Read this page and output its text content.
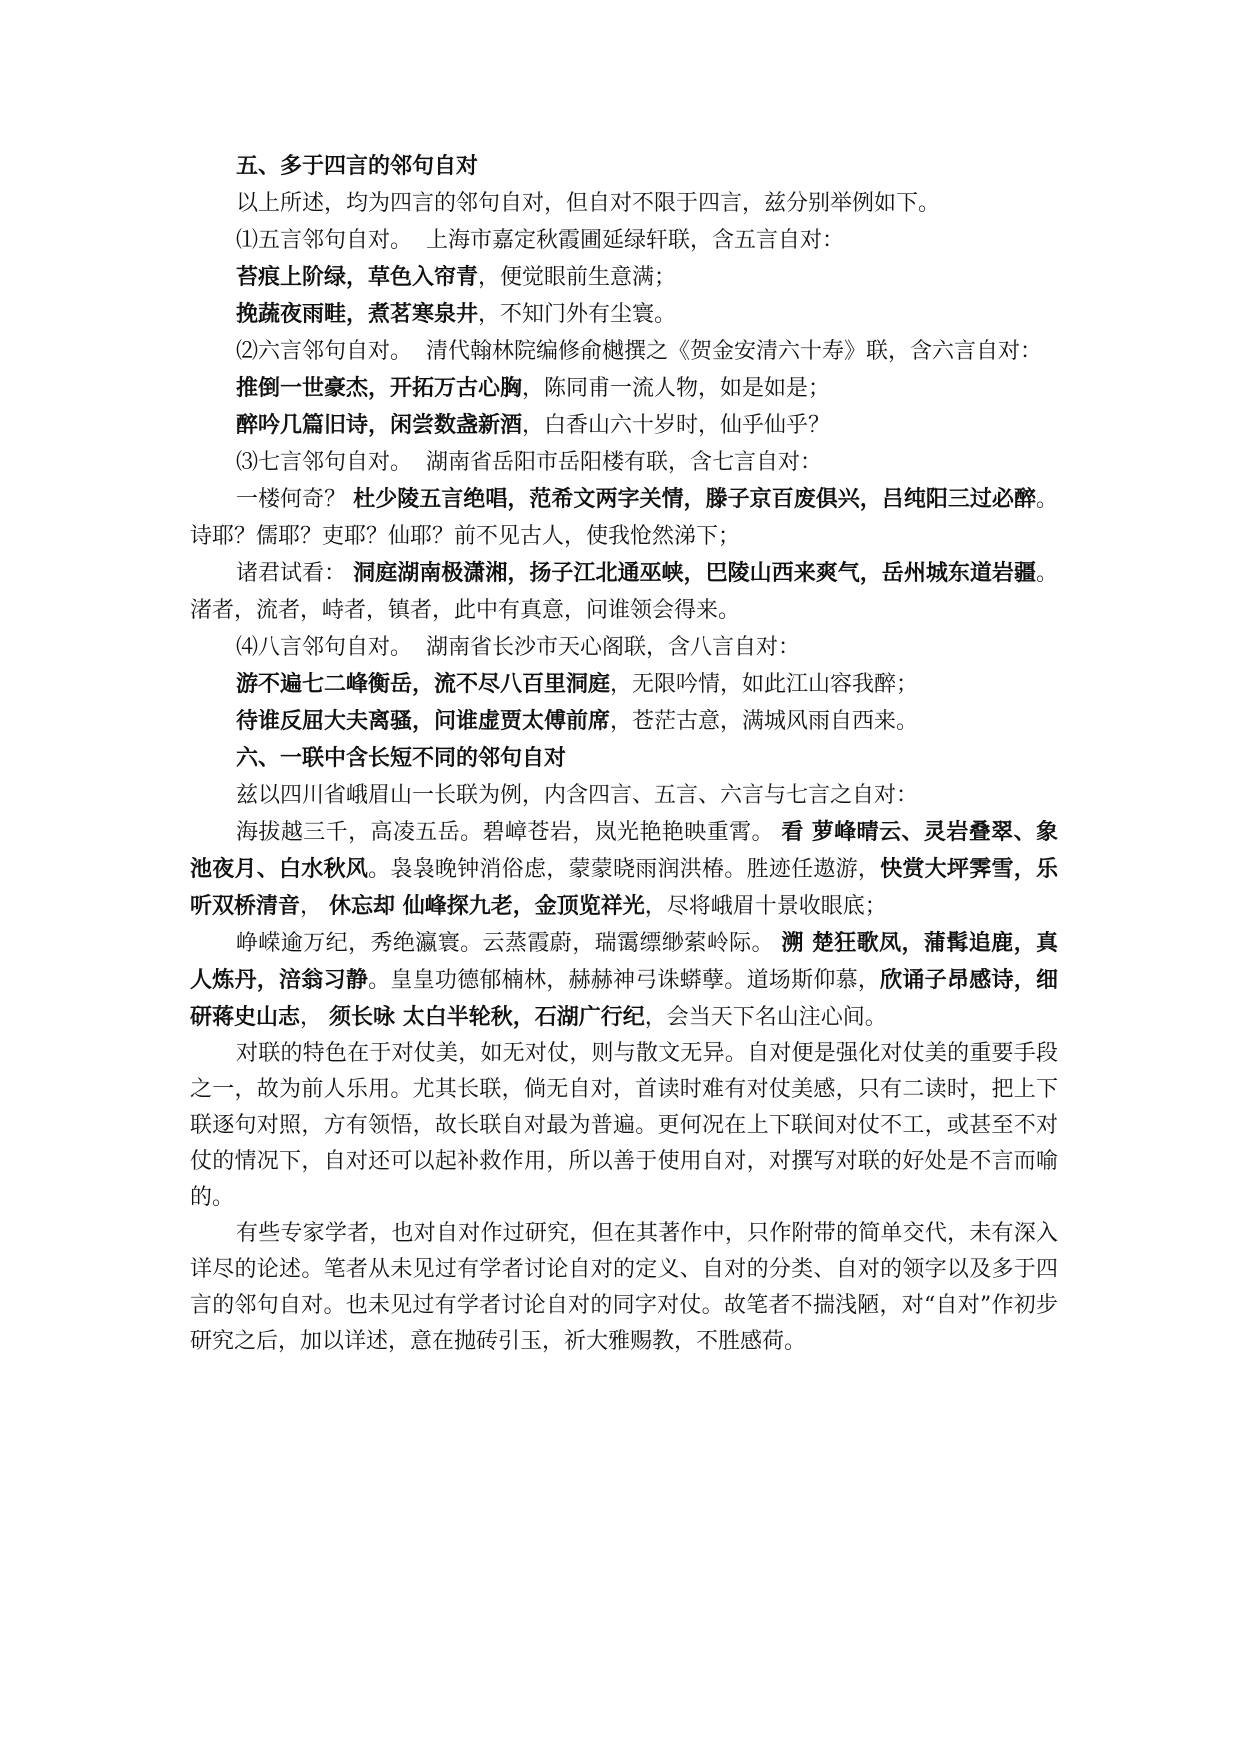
五、多于四言的邻句自对

以上所述，均为四言的邻句自对，但自对不限于四言，兹分别举例如下。

⑴五言邻句自对。 上海市嘉定秋霞圃延绿轩联，含五言自对：

苔痕上阶绿，草色入帘青，便觉眼前生意满；

挽蔬夜雨畦，煮茗寒泉井，不知门外有尘寰。

⑵六言邻句自对。 清代翰林院编修俞樾撰之《贺金安清六十寿》联，含六言自对：

推倒一世豪杰，开拓万古心胸，陈同甫一流人物，如是如是；

醉吟几篇旧诗，闲尝数盏新酒，白香山六十岁时，仙乎仙乎？

⑶七言邻句自对。 湖南省岳阳市岳阳楼有联，含七言自对：

一楼何奇？ 杜少陵五言绝唱，范希文两字关情，滕子京百废俱兴，吕纯阳三过必醉。诗耶？儒耶？吏耶？仙耶？前不见古人，使我怆然涕下；

诸君试看： 洞庭湖南极潇湘，扬子江北通巫峡，巴陵山西来爽气，岳州城东道岩疆。渚者，流者，峙者，镇者，此中有真意，问谁领会得来。

⑷八言邻句自对。 湖南省长沙市天心阁联，含八言自对：

游不遍七二峰衡岳，流不尽八百里洞庭，无限吟情，如此江山容我醉；

待谁反屈大夫离骚，问谁虚贾太傅前席，苍茫古意，满城风雨自西来。

六、一联中含长短不同的邻句自对

兹以四川省峨眉山一长联为例，内含四言、五言、六言与七言之自对：

海拔越三千，高凌五岳。碧嶂苍岩，岚光艳艳映重霄。 看 萝峰晴云、灵岩叠翠、象池夜月、白水秋风。袅袅晚钟消俗虑，蒙蒙晓雨润洪椿。胜迹任遨游，快赏大坪霁雪，乐听双桥清音， 休忘却 仙峰探九老，金顶览祥光，尽将峨眉十景收眼底；

峥嵘逾万纪，秀绝瀛寰。云蒸霞蔚，瑞霭缥缈萦岭际。 溯 楚狂歌凤，蒲髯追鹿，真人炼丹，涪翁习静。皇皇功德郁楠林，赫赫神弓诛蟒孽。道场斯仰慕，欣诵子昂感诗，细研蒋史山志， 须长咏 太白半轮秋，石湖广行纪，会当天下名山注心间。

对联的特色在于对仗美，如无对仗，则与散文无异。自对便是强化对仗美的重要手段之一，故为前人乐用。尤其长联，倘无自对，首读时难有对仗美感，只有二读时，把上下联逐句对照，方有领悟，故长联自对最为普遍。更何况在上下联间对仗不工，或甚至不对仗的情况下，自对还可以起补救作用，所以善于使用自对，对撰写对联的好处是不言而喻的。

有些专家学者，也对自对作过研究，但在其著作中，只作附带的简单交代，未有深入详尽的论述。笔者从未见过有学者讨论自对的定义、自对的分类、自对的领字以及多于四言的邻句自对。也未见过有学者讨论自对的同字对仗。故笔者不揣浅陋，对“自对”作初步研究之后，加以详述，意在抛砖引玉，祈大雅赐教，不胜感荷。
